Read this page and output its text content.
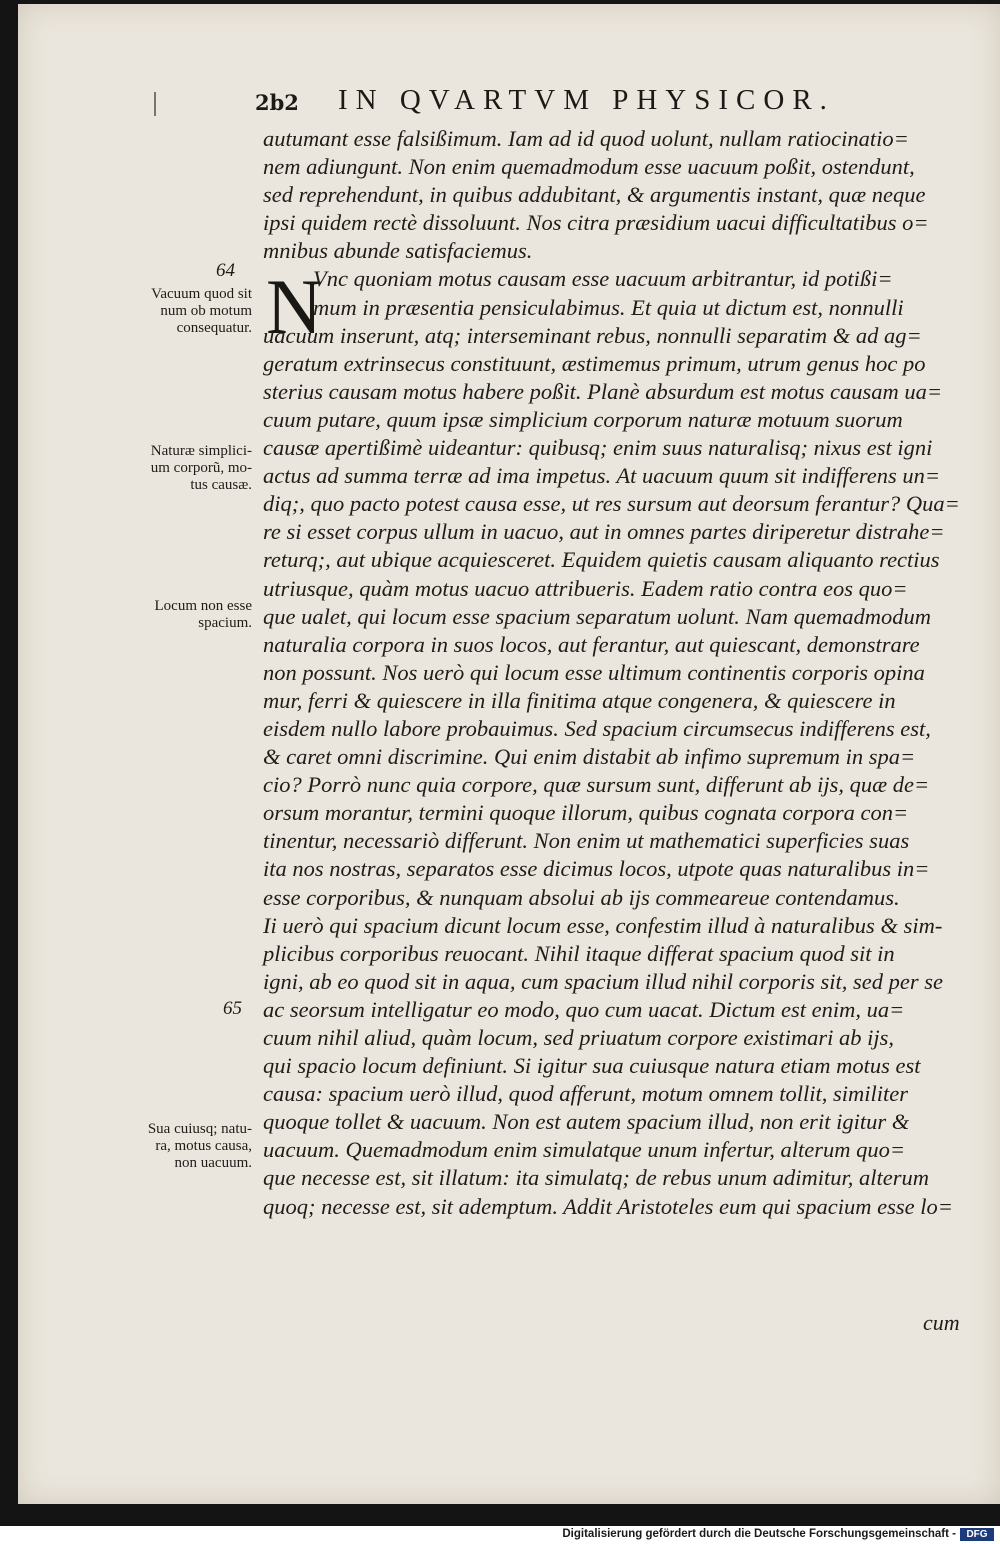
2b2 IN QVARTVM PHYSICOR.
64
Vacuum quod sit
num ob motum
consequatur.
Naturæ simplici-
um corporũ, mo-
tus causæ.
Locum non esse
spacium.
65
Sua cuiusq; natu-
ra, motus causa,
non uacuum.
N
autumant esse falsißimum. Iam ad id quod uolunt, nullam ratiocinatio=
nem adiungunt. Non enim quemadmodum esse uacuum poßit, ostendunt,
sed reprehendunt, in quibus addubitant, & argumentis instant, quæ neque
ipsi quidem rectè dissoluunt. Nos citra præsidium uacui difficultatibus o=
mnibus abunde satisfaciemus.
Vnc quoniam motus causam esse uacuum arbitrantur, id potißi=
mum in præsentia pensiculabimus. Et quia ut dictum est, nonnulli
uacuum inserunt, atq; interseminant rebus, nonnulli separatim & ad ag=
geratum extrinsecus constituunt, æstimemus primum, utrum genus hoc po
sterius causam motus habere poßit. Planè absurdum est motus causam ua=
cuum putare, quum ipsæ simplicium corporum naturæ motuum suorum
causæ apertißimè uideantur: quibusq; enim suus naturalisq; nixus est igni
actus ad summa terræ ad ima impetus. At uacuum quum sit indifferens un=
diq;, quo pacto potest causa esse, ut res sursum aut deorsum ferantur? Qua=
re si esset corpus ullum in uacuo, aut in omnes partes diriperetur distrahe=
returq;, aut ubique acquiesceret. Equidem quietis causam aliquanto rectius
utriusque, quàm motus uacuo attribueris. Eadem ratio contra eos quo=
que ualet, qui locum esse spacium separatum uolunt. Nam quemadmodum
naturalia corpora in suos locos, aut ferantur, aut quiescant, demonstrare
non possunt. Nos uerò qui locum esse ultimum continentis corporis opina
mur, ferri & quiescere in illa finitima atque congenera, & quiescere in
eisdem nullo labore probauimus. Sed spacium circumsecus indifferens est,
& caret omni discrimine. Qui enim distabit ab infimo supremum in spa=
cio? Porrò nunc quia corpore, quæ sursum sunt, differunt ab ijs, quæ de=
orsum morantur, termini quoque illorum, quibus cognata corpora con=
tinentur, necessariò differunt. Non enim ut mathematici superficies suas
ita nos nostras, separatos esse dicimus locos, utpote quas naturalibus in=
esse corporibus, & nunquam absolui ab ijs commeareue contendamus.
Ii uerò qui spacium dicunt locum esse, confestim illud à naturalibus & sim-
plicibus corporibus reuocant. Nihil itaque differat spacium quod sit in
igni, ab eo quod sit in aqua, cum spacium illud nihil corporis sit, sed per se
ac seorsum intelligatur eo modo, quo cum uacat. Dictum est enim, ua=
cuum nihil aliud, quàm locum, sed priuatum corpore existimari ab ijs,
qui spacio locum definiunt. Si igitur sua cuiusque natura etiam motus est
causa: spacium uerò illud, quod afferunt, motum omnem tollit, similiter
quoque tollet & uacuum. Non est autem spacium illud, non erit igitur &
uacuum. Quemadmodum enim simulatque unum infertur, alterum quo=
que necesse est, sit illatum: ita simulatq; de rebus unum adimitur, alterum
quoq; necesse est, sit ademptum. Addit Aristoteles eum qui spacium esse lo=
cum
Digitalisierung gefördert durch die Deutsche Forschungsgemeinschaft -	DFG
